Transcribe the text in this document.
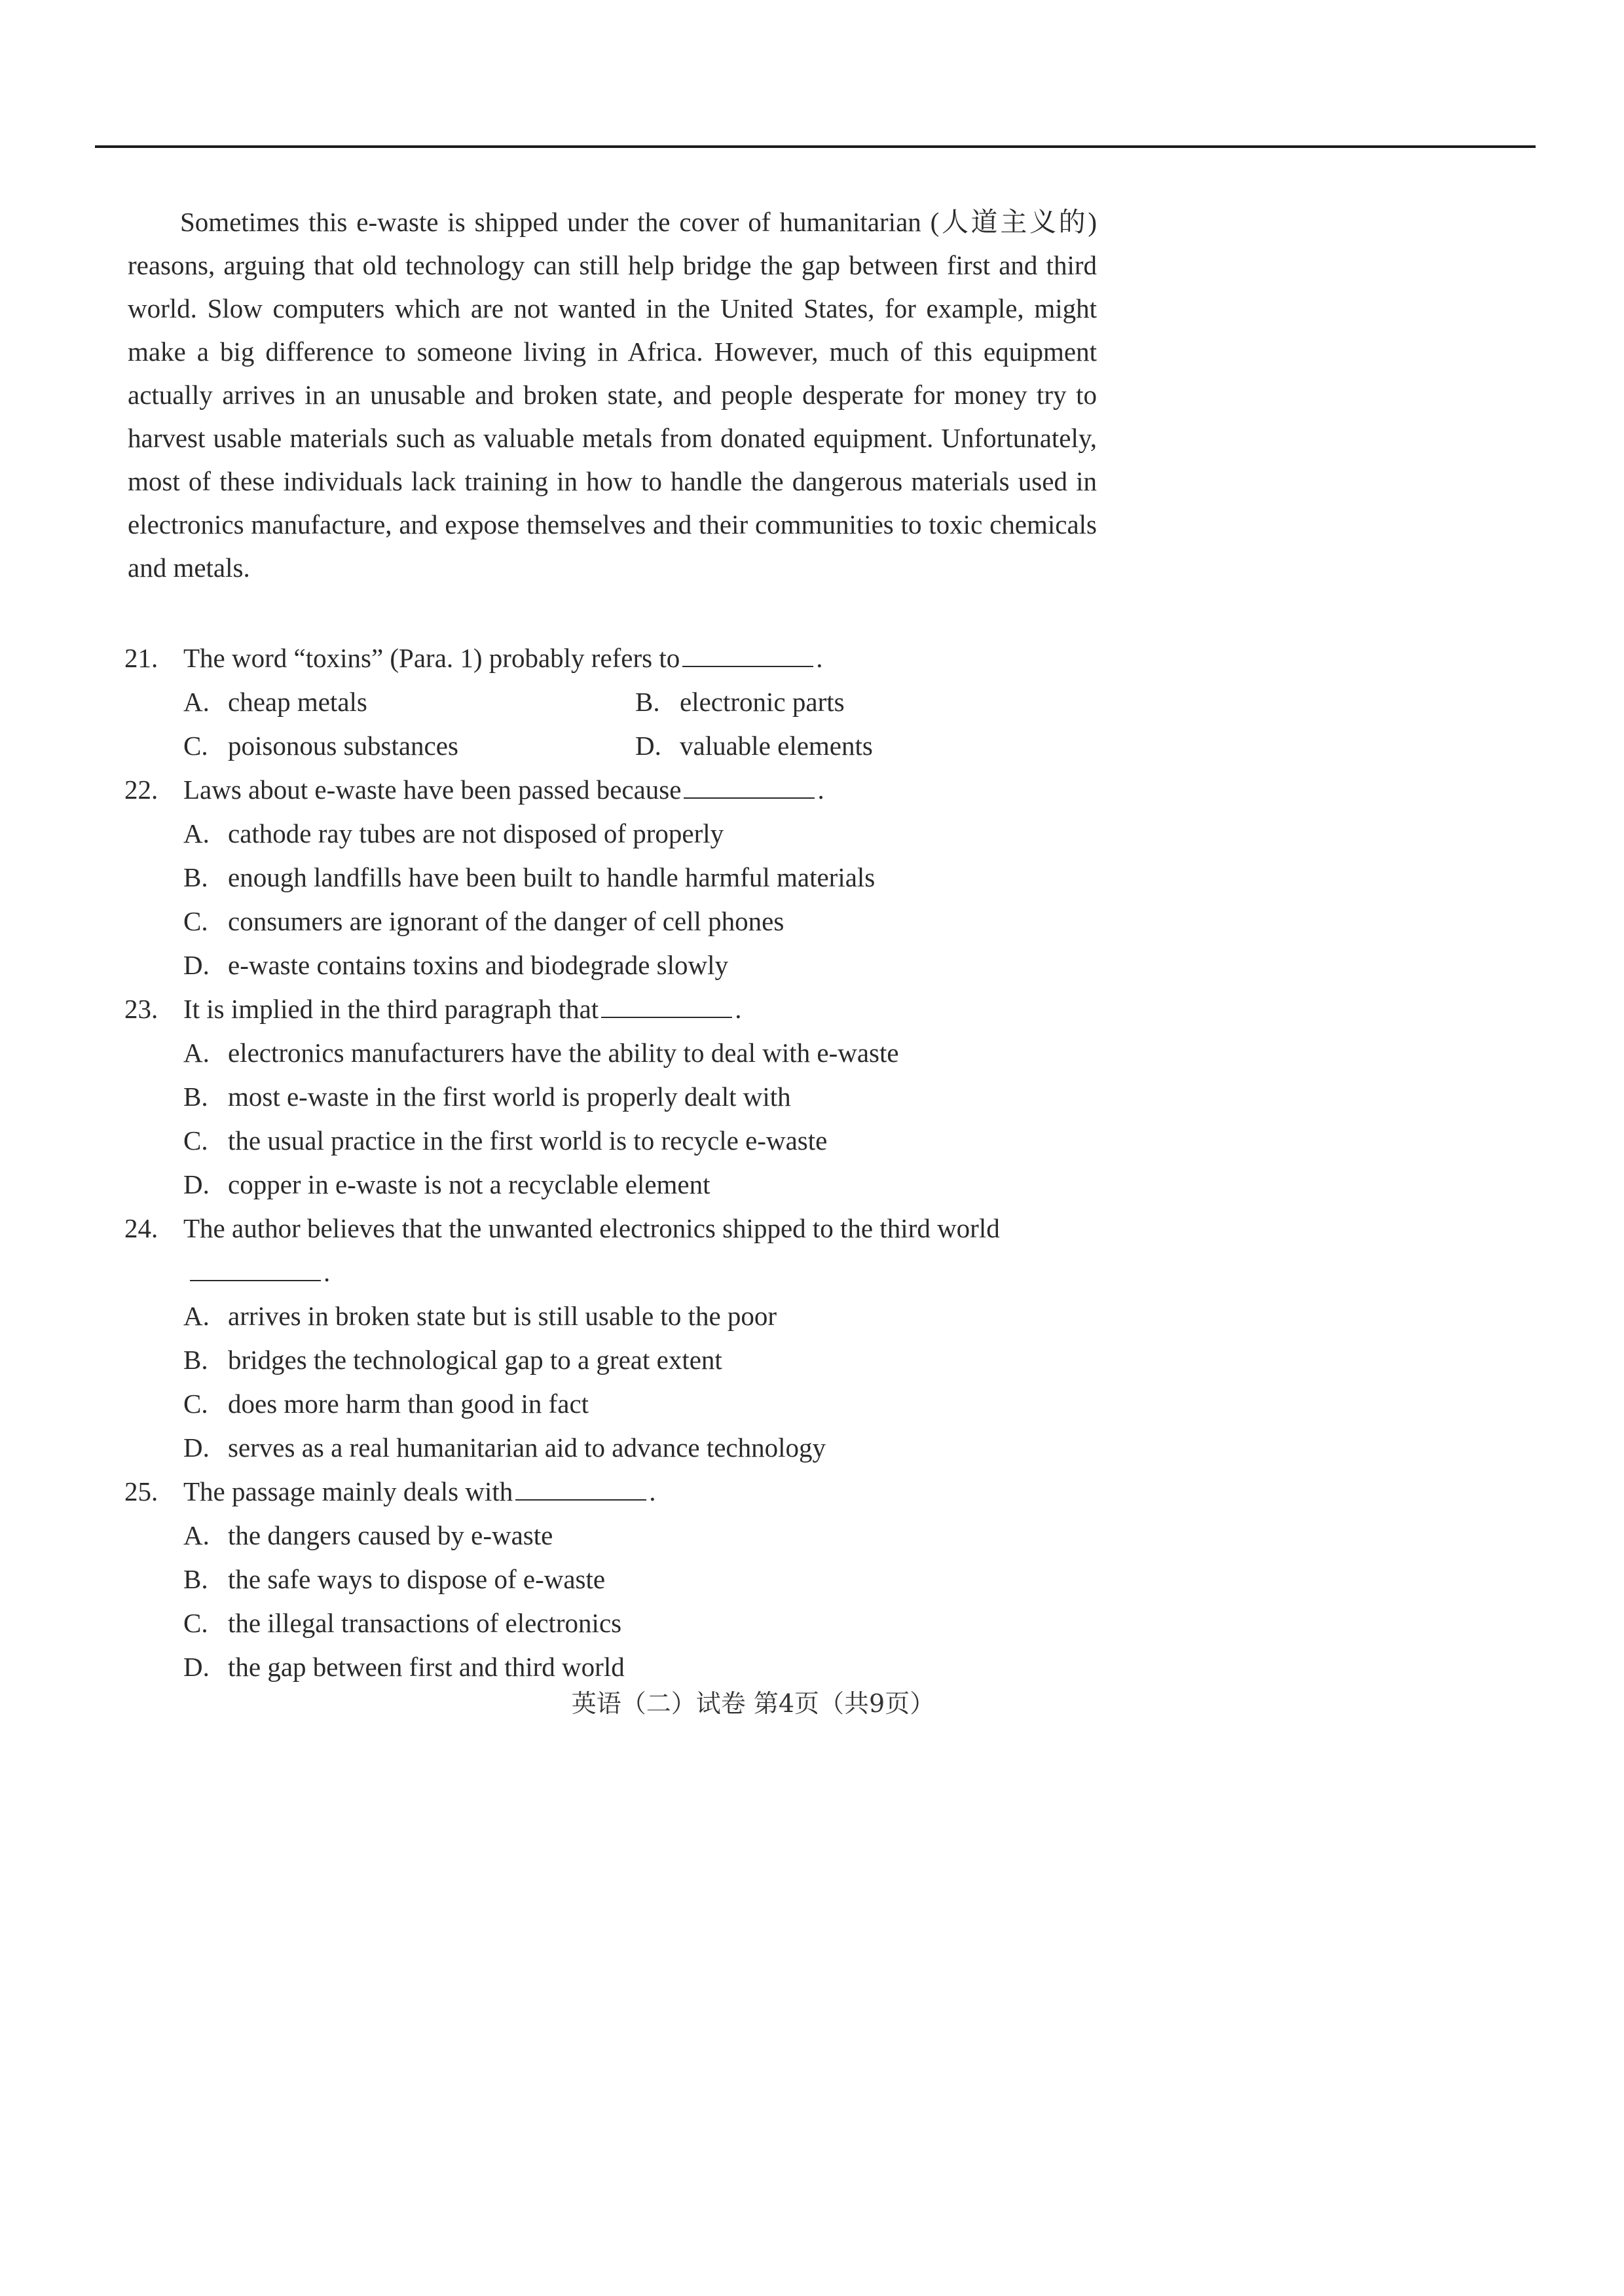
Sometimes this e-waste is shipped under the cover of humanitarian (人道主义的) reasons, arguing that old technology can still help bridge the gap between first and third world. Slow computers which are not wanted in the United States, for example, might make a big difference to someone living in Africa. However, much of this equipment actually arrives in an unusable and broken state, and people desperate for money try to harvest usable materials such as valuable metals from donated equipment. Unfortunately, most of these individuals lack training in how to handle the dangerous materials used in electronics manufacture, and expose themselves and their communities to toxic chemicals and metals.

21. The word “toxins” (Para. 1) probably refers to	.
A. cheap metals	B. electronic parts
C. poisonous substances	D. valuable elements
22. Laws about e-waste have been passed because	.
A. cathode ray tubes are not disposed of properly
B. enough landfills have been built to handle harmful materials
C. consumers are ignorant of the danger of cell phones
D. e-waste contains toxins and biodegrade slowly
23. It is implied in the third paragraph that	.
A. electronics manufacturers have the ability to deal with e-waste
B. most e-waste in the first world is properly dealt with
C. the usual practice in the first world is to recycle e-waste
D. copper in e-waste is not a recyclable element
24. The author believes that the unwanted electronics shipped to the third world
.
A. arrives in broken state but is still usable to the poor
B. bridges the technological gap to a great extent
C. does more harm than good in fact
D. serves as a real humanitarian aid to advance technology
25. The passage mainly deals with	.
A. the dangers caused by e-waste
B. the safe ways to dispose of e-waste
C. the illegal transactions of electronics
D. the gap between first and third world
英语（二）试卷 第4页（共9页）
